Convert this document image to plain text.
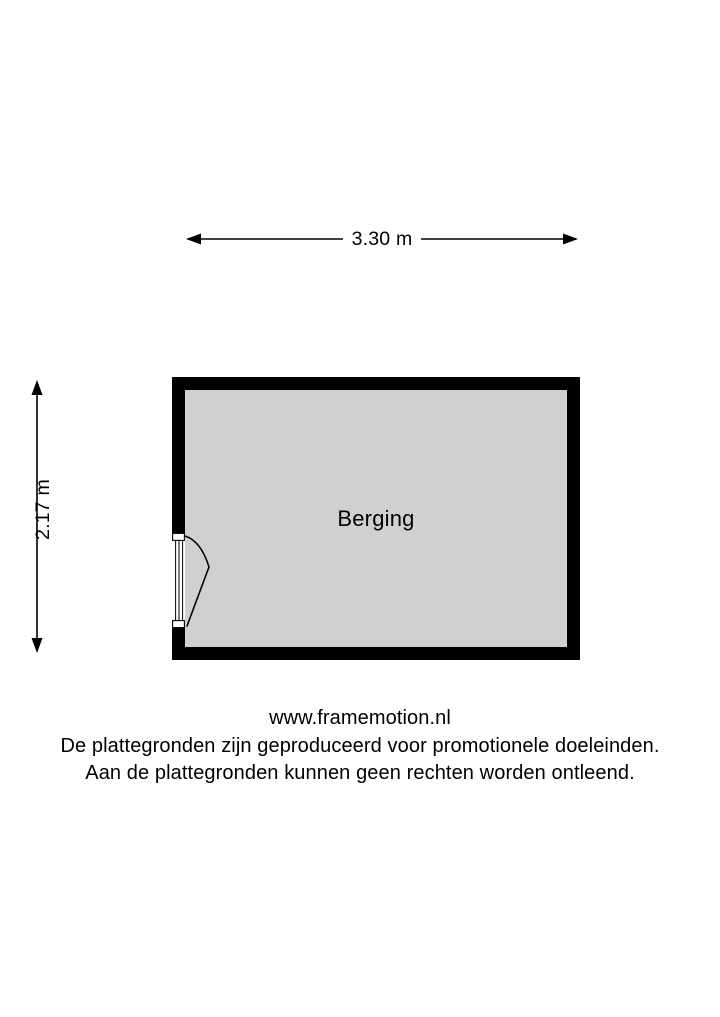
3.30 m
2.17 m	Berging
www.framemotion.nl
De plattegronden zijn geproduceerd voor promotionele doeleinden.
Aan de plattegronden kunnen geen rechten worden ontleend.
